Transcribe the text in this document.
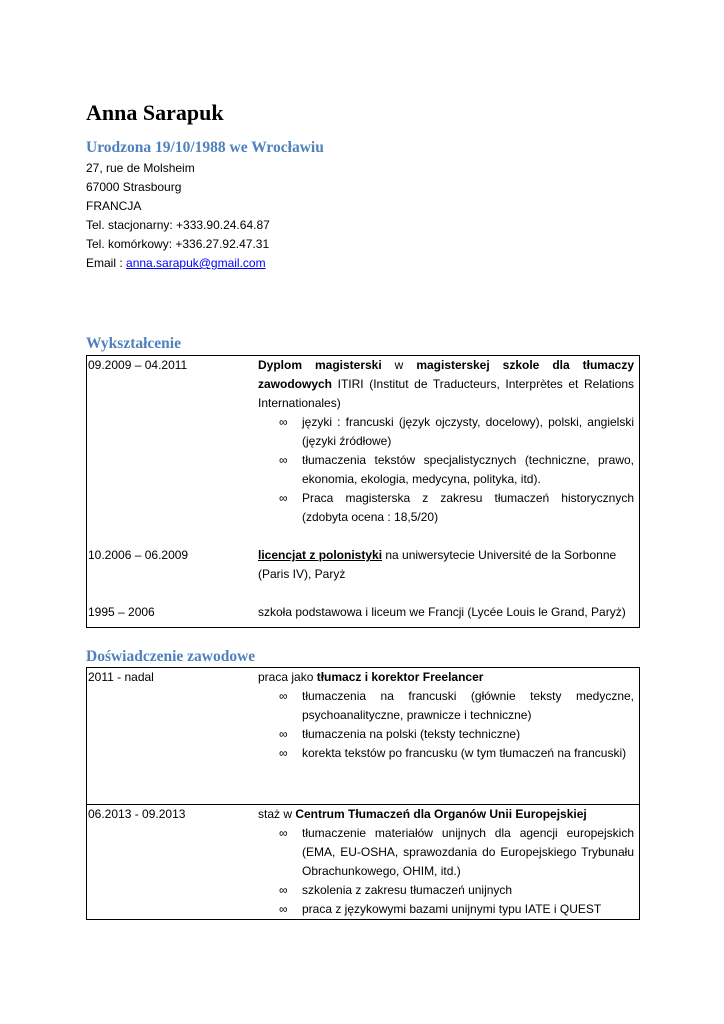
Anna Sarapuk
Urodzona 19/10/1988 we Wrocławiu
27, rue de Molsheim
67000 Strasbourg
FRANCJA
Tel. stacjonarny: +333.90.24.64.87
Tel. komórkowy: +336.27.92.47.31
Email : anna.sarapuk@gmail.com
Wykształcenie
09.2009 – 04.2011	Dyplom magisterski w magisterskej szkole dla tłumaczy zawodowych ITIRI (Institut de Traducteurs, Interprètes et Relations Internationales)
∞ języki : francuski (język ojczysty, docelowy), polski, angielski (języki źródłowe)
∞ tłumaczenia tekstów specjalistycznych (techniczne, prawo, ekonomia, ekologia, medycyna, polityka, itd).
∞ Praca magisterska z zakresu tłumaczeń historycznych (zdobyta ocena : 18,5/20)
10.2006 – 06.2009	licencjat z polonistyki na uniwersytecie Université de la Sorbonne (Paris IV), Paryż
1995 – 2006	szkoła podstawowa i liceum we Francji (Lycée Louis le Grand, Paryż)
Doświadczenie zawodowe
2011 - nadal	praca jako tłumacz i korektor Freelancer
∞ tłumaczenia na francuski (głównie teksty medyczne, psychoanalityczne, prawnicze i techniczne)
∞ tłumaczenia na polski (teksty techniczne)
∞ korekta tekstów po francusku (w tym tłumaczeń na francuski)
06.2013 - 09.2013	staż w Centrum Tłumaczeń dla Organów Unii Europejskiej
∞ tłumaczenie materiałów unijnych dla agencji europejskich (EMA, EU-OSHA, sprawozdania do Europejskiego Trybunału Obrachunkowego, OHIM, itd.)
∞ szkolenia z zakresu tłumaczeń unijnych
∞ praca z językowymi bazami unijnymi typu IATE i QUEST
